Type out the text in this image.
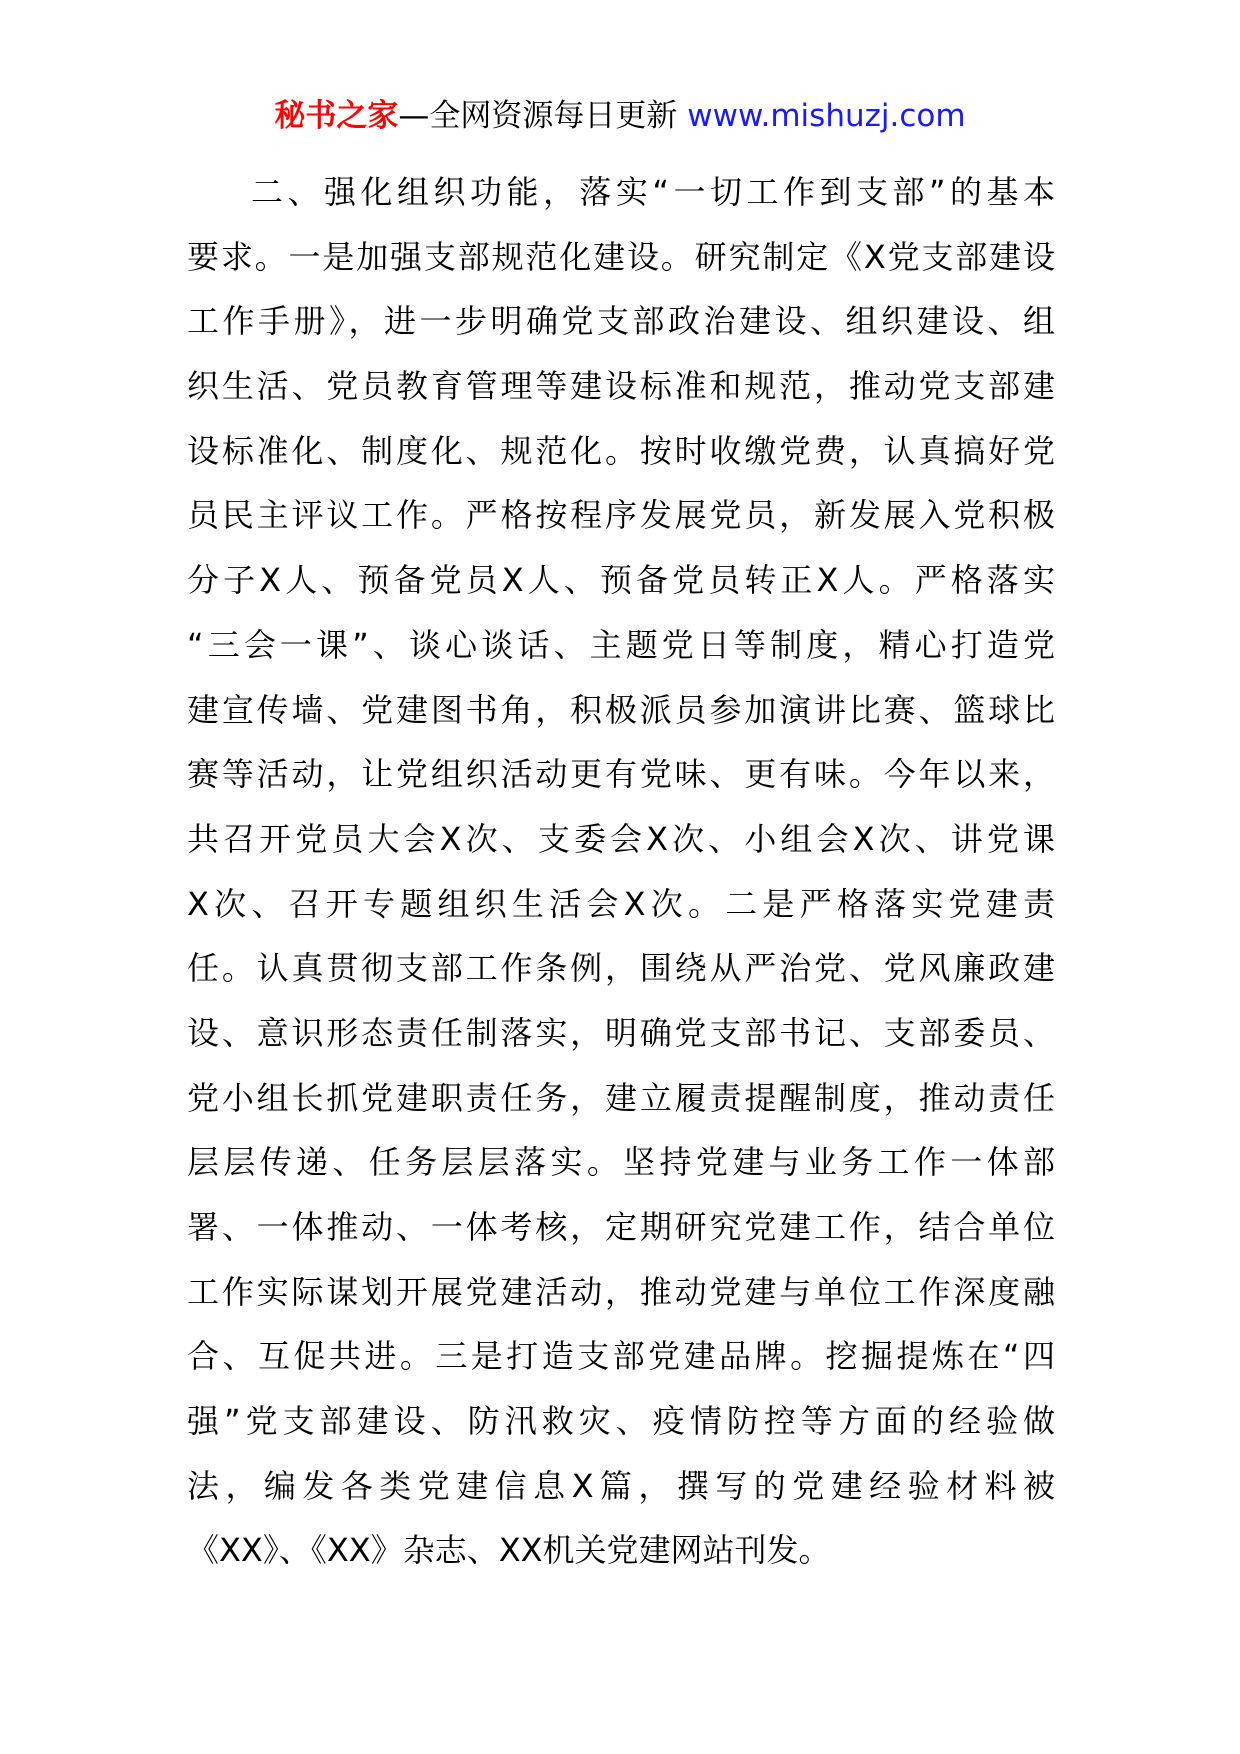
秘书之家—全网资源每日更新 www.mishuzj.com
二、强化组织功能，落实“一切工作到支部”的基本
要求。一是加强支部规范化建设。研究制定《X党支部建设
工作手册》，进一步明确党支部政治建设、组织建设、组
织生活、党员教育管理等建设标准和规范，推动党支部建
设标准化、制度化、规范化。按时收缴党费，认真搞好党
员民主评议工作。严格按程序发展党员，新发展入党积极
分子X人、预备党员X人、预备党员转正X人。严格落实
“三会一课”、谈心谈话、主题党日等制度，精心打造党
建宣传墙、党建图书角，积极派员参加演讲比赛、篮球比
赛等活动，让党组织活动更有党味、更有味。今年以来，
共召开党员大会X次、支委会X次、小组会X次、讲党课
X次、召开专题组织生活会X次。二是严格落实党建责
任。认真贯彻支部工作条例，围绕从严治党、党风廉政建
设、意识形态责任制落实，明确党支部书记、支部委员、
党小组长抓党建职责任务，建立履责提醒制度，推动责任
层层传递、任务层层落实。坚持党建与业务工作一体部
署、一体推动、一体考核，定期研究党建工作，结合单位
工作实际谋划开展党建活动，推动党建与单位工作深度融
合、互促共进。三是打造支部党建品牌。挖掘提炼在“四
强”党支部建设、防汛救灾、疫情防控等方面的经验做
法，编发各类党建信息X篇，撰写的党建经验材料被
《XX》、《XX》杂志、XX机关党建网站刊发。
